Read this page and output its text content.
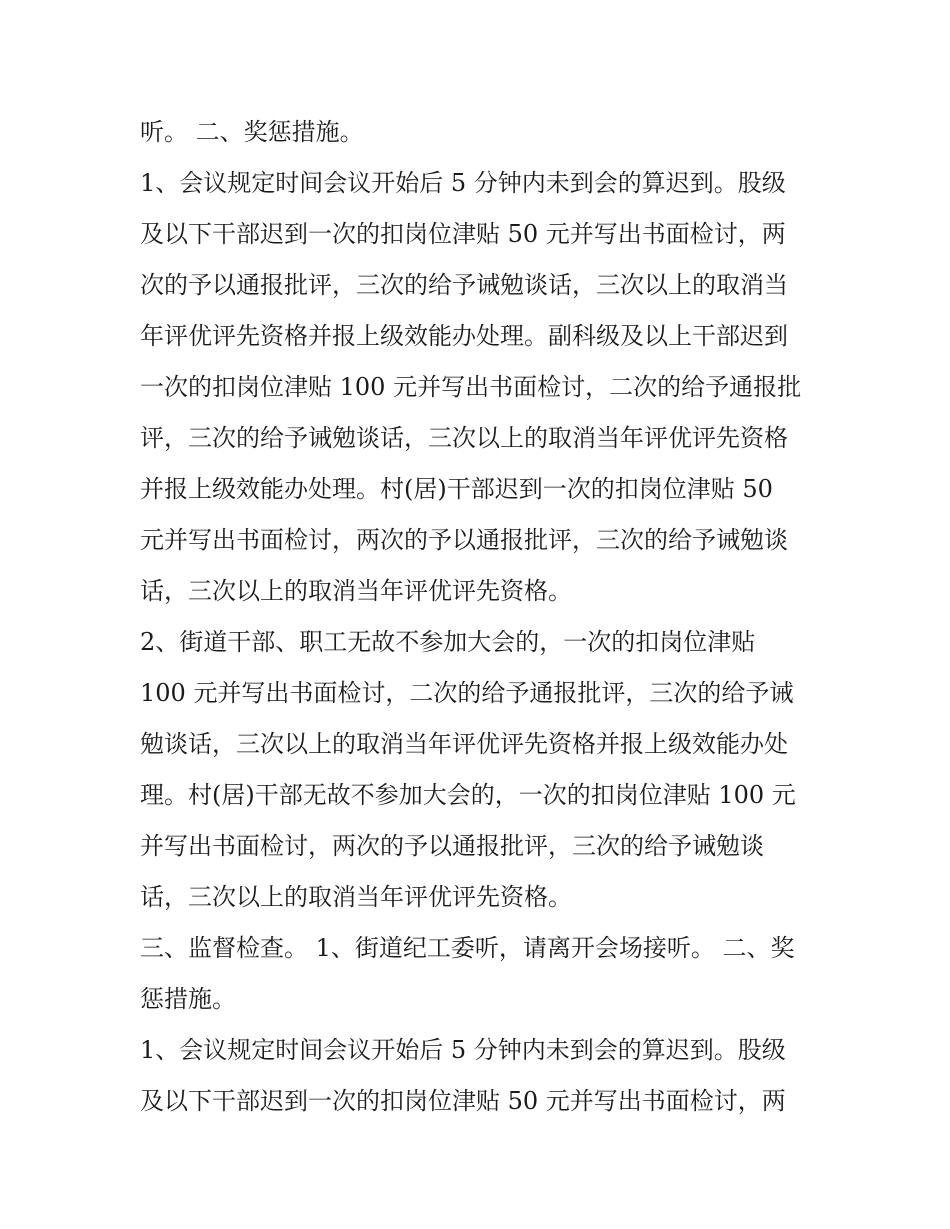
听。 二、奖惩措施。
1、会议规定时间会议开始后 5 分钟内未到会的算迟到。股级
及以下干部迟到一次的扣岗位津贴 50 元并写出书面检讨，两
次的予以通报批评，三次的给予诫勉谈话，三次以上的取消当
年评优评先资格并报上级效能办处理。副科级及以上干部迟到
一次的扣岗位津贴 100 元并写出书面检讨，二次的给予通报批
评，三次的给予诫勉谈话，三次以上的取消当年评优评先资格
并报上级效能办处理。村(居)干部迟到一次的扣岗位津贴 50
元并写出书面检讨，两次的予以通报批评，三次的给予诫勉谈
话，三次以上的取消当年评优评先资格。
2、街道干部、职工无故不参加大会的，一次的扣岗位津贴
100 元并写出书面检讨，二次的给予通报批评，三次的给予诫
勉谈话，三次以上的取消当年评优评先资格并报上级效能办处
理。村(居)干部无故不参加大会的，一次的扣岗位津贴 100 元
并写出书面检讨，两次的予以通报批评，三次的给予诫勉谈
话，三次以上的取消当年评优评先资格。
三、监督检查。 1、街道纪工委听，请离开会场接听。 二、奖
惩措施。
1、会议规定时间会议开始后 5 分钟内未到会的算迟到。股级
及以下干部迟到一次的扣岗位津贴 50 元并写出书面检讨，两
